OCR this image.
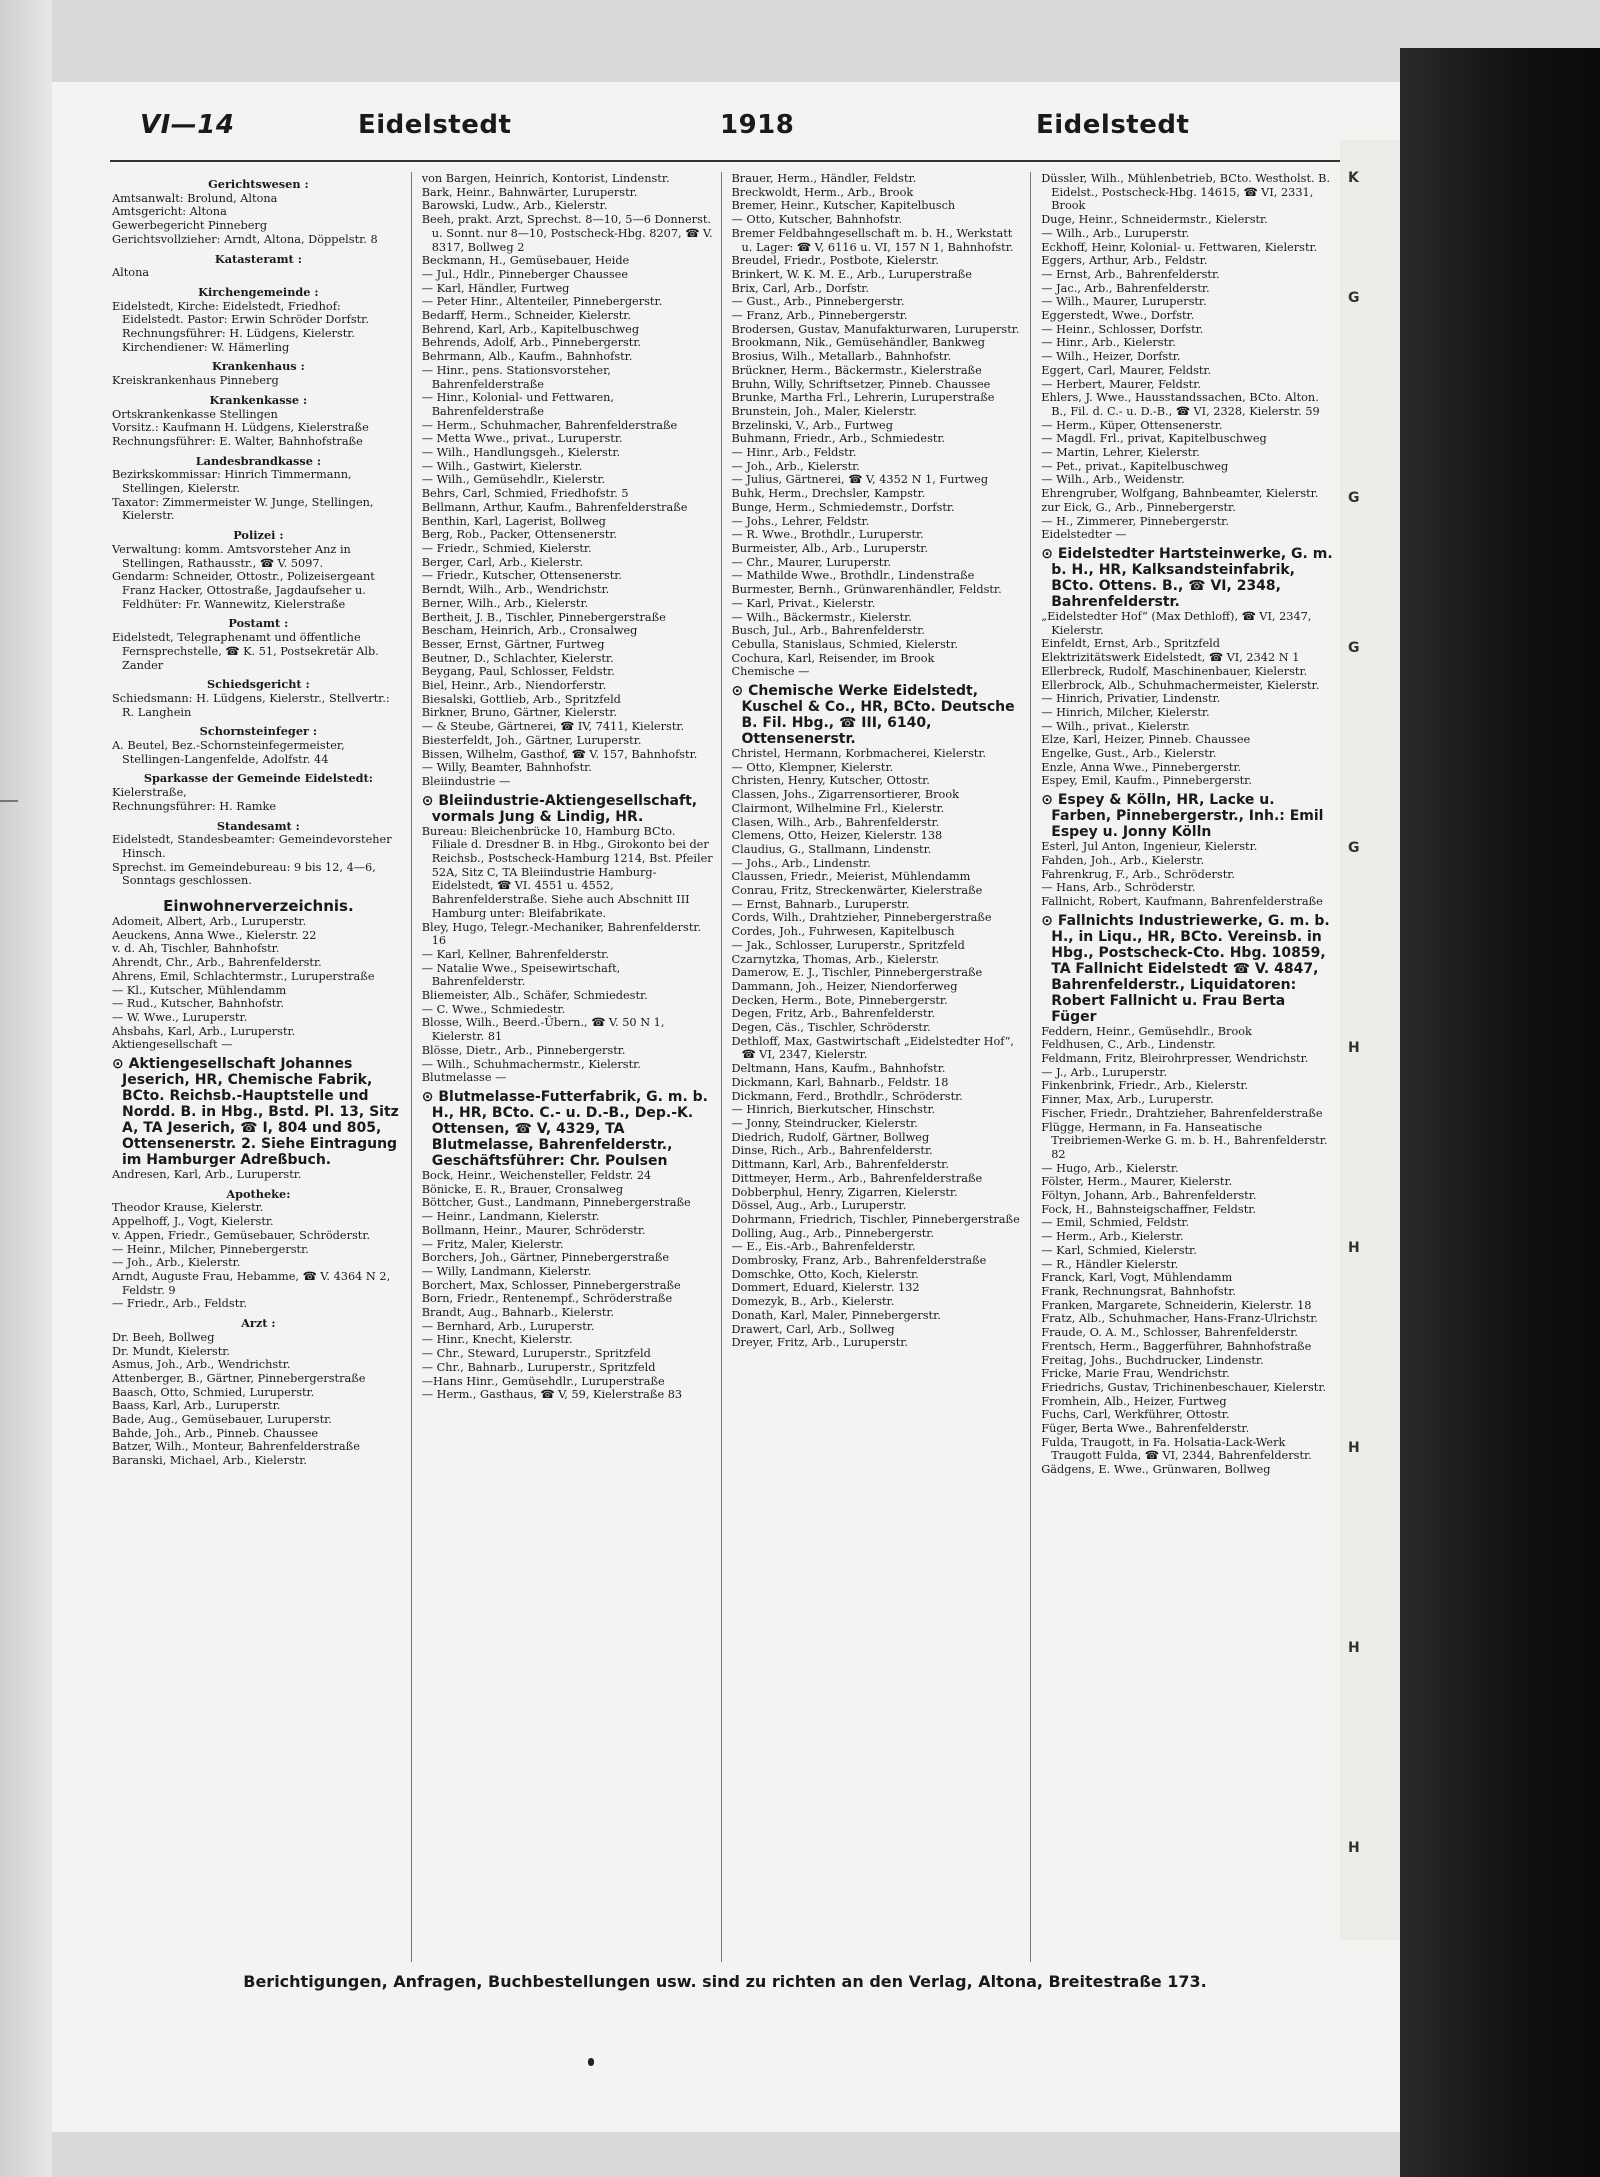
K
G
G
G
G
H
H
H
H
H
VI—14	Eidelstedt	1918	Eidelstedt

Gerichtswesen :

Amtsanwalt: Brolund, Altona

Amtsgericht: Altona

Gewerbegericht Pinneberg

Gerichtsvollzieher: Arndt, Altona, Döppelstr. 8

Katasteramt :

Altona

Kirchengemeinde :

Eidelstedt, Kirche: Eidelstedt, Friedhof: Eidelstedt. Pastor: Erwin Schröder Dorfstr. Rechnungsführer: H. Lüdgens, Kielerstr. Kirchendiener: W. Hämerling

Krankenhaus :

Kreiskrankenhaus Pinneberg

Krankenkasse :

Ortskrankenkasse Stellingen

Vorsitz.: Kaufmann H. Lüdgens, Kielerstraße

Rechnungsführer: E. Walter, Bahnhofstraße

Landesbrandkasse :

Bezirkskommissar: Hinrich Timmermann, Stellingen, Kielerstr.

Taxator: Zimmermeister W. Junge, Stellingen, Kielerstr.

Polizei :

Verwaltung: komm. Amtsvorsteher Anz in Stellingen, Rathausstr., ☎ V. 5097.

Gendarm: Schneider, Ottostr., Polizeisergeant Franz Hacker, Ottostraße, Jagdaufseher u. Feldhüter: Fr. Wannewitz, Kielerstraße

Postamt :

Eidelstedt, Telegraphenamt und öffentliche Fernsprechstelle, ☎ K. 51, Postsekretär Alb. Zander

Schiedsgericht :

Schiedsmann: H. Lüdgens, Kielerstr., Stellvertr.: R. Langhein

Schornsteinfeger :

A. Beutel, Bez.-Schornsteinfegermeister, Stellingen-Langenfelde, Adolfstr. 44

Sparkasse der Gemeinde Eidelstedt:

Kielerstraße,

Rechnungsführer: H. Ramke

Standesamt :

Eidelstedt, Standesbeamter: Gemeindevorsteher Hinsch.

Sprechst. im Gemeindebureau: 9 bis 12, 4—6, Sonntags geschlossen.

Einwohnerverzeichnis.

Adomeit, Albert, Arb., Luruperstr.

Aeuckens, Anna Wwe., Kielerstr. 22

v. d. Ah, Tischler, Bahnhofstr.

Ahrendt, Chr., Arb., Bahrenfelderstr.

Ahrens, Emil, Schlachtermstr., Luruperstraße

— Kl., Kutscher, Mühlendamm

— Rud., Kutscher, Bahnhofstr.

— W. Wwe., Luruperstr.

Ahsbahs, Karl, Arb., Luruperstr.

Aktiengesellschaft —

⊙ Aktiengesellschaft Johannes Jeserich, HR, Chemische Fabrik, BCto. Reichsb.-Hauptstelle und Nordd. B. in Hbg., Bstd. Pl. 13, Sitz A, TA Jeserich, ☎ I, 804 und 805, Ottensenerstr. 2. Siehe Eintragung im Hamburger Adreßbuch.

Andresen, Karl, Arb., Luruperstr.

Apotheke:

Theodor Krause, Kielerstr.

Appelhoff, J., Vogt, Kielerstr.

v. Appen, Friedr., Gemüsebauer, Schröderstr.

— Heinr., Milcher, Pinnebergerstr.

— Joh., Arb., Kielerstr.

Arndt, Auguste Frau, Hebamme, ☎ V. 4364 N 2, Feldstr. 9

— Friedr., Arb., Feldstr.

Arzt :

Dr. Beeh, Bollweg

Dr. Mundt, Kielerstr.

Asmus, Joh., Arb., Wendrichstr.

Attenberger, B., Gärtner, Pinnebergerstraße

Baasch, Otto, Schmied, Luruperstr.

Baass, Karl, Arb., Luruperstr.

Bade, Aug., Gemüsebauer, Luruperstr.

Bahde, Joh., Arb., Pinneb. Chaussee

Batzer, Wilh., Monteur, Bahrenfelderstraße

Baranski, Michael, Arb., Kielerstr.

von Bargen, Heinrich, Kontorist, Lindenstr.

Bark, Heinr., Bahnwärter, Luruperstr.

Barowski, Ludw., Arb., Kielerstr.

Beeh, prakt. Arzt, Sprechst. 8—10, 5—6 Donnerst. u. Sonnt. nur 8—10, Postscheck-Hbg. 8207, ☎ V. 8317, Bollweg 2

Beckmann, H., Gemüsebauer, Heide

— Jul., Hdlr., Pinneberger Chaussee

— Karl, Händler, Furtweg

— Peter Hinr., Altenteiler, Pinnebergerstr.

Bedarff, Herm., Schneider, Kielerstr.

Behrend, Karl, Arb., Kapitelbuschweg

Behrends, Adolf, Arb., Pinnebergerstr.

Behrmann, Alb., Kaufm., Bahnhofstr.

— Hinr., pens. Stationsvorsteher, Bahrenfelderstraße

— Hinr., Kolonial- und Fettwaren, Bahrenfelderstraße

— Herm., Schuhmacher, Bahrenfelderstraße

— Metta Wwe., privat., Luruperstr.

— Wilh., Handlungsgeh., Kielerstr.

— Wilh., Gastwirt, Kielerstr.

— Wilh., Gemüsehdlr., Kielerstr.

Behrs, Carl, Schmied, Friedhofstr. 5

Bellmann, Arthur, Kaufm., Bahrenfelderstraße

Benthin, Karl, Lagerist, Bollweg

Berg, Rob., Packer, Ottensenerstr.

— Friedr., Schmied, Kielerstr.

Berger, Carl, Arb., Kielerstr.

— Friedr., Kutscher, Ottensenerstr.

Berndt, Wilh., Arb., Wendrichstr.

Berner, Wilh., Arb., Kielerstr.

Bertheit, J. B., Tischler, Pinnebergerstraße

Bescham, Heinrich, Arb., Cronsalweg

Besser, Ernst, Gärtner, Furtweg

Beutner, D., Schlachter, Kielerstr.

Beygang, Paul, Schlosser, Feldstr.

Biel, Heinr., Arb., Niendorferstr.

Biesalski, Gottlieb, Arb., Spritzfeld

Birkner, Bruno, Gärtner, Kielerstr.

— & Steube, Gärtnerei, ☎ IV, 7411, Kielerstr.

Biesterfeldt, Joh., Gärtner, Luruperstr.

Bissen, Wilhelm, Gasthof, ☎ V. 157, Bahnhofstr.

— Willy, Beamter, Bahnhofstr.

Bleiindustrie —

⊙ Bleiindustrie-Aktiengesellschaft, vormals Jung & Lindig, HR.

Bureau: Bleichenbrücke 10, Hamburg BCto. Filiale d. Dresdner B. in Hbg., Girokonto bei der Reichsb., Postscheck-Hamburg 1214, Bst. Pfeiler 52A, Sitz C, TA Bleiindustrie Hamburg-Eidelstedt, ☎ VI. 4551 u. 4552, Bahrenfelderstraße. Siehe auch Abschnitt III Hamburg unter: Bleifabrikate.

Bley, Hugo, Telegr.-Mechaniker, Bahrenfelderstr. 16

— Karl, Kellner, Bahrenfelderstr.

— Natalie Wwe., Speisewirtschaft, Bahrenfelderstr.

Bliemeister, Alb., Schäfer, Schmiedestr.

— C. Wwe., Schmiedestr.

Blosse, Wilh., Beerd.-Übern., ☎ V. 50 N 1, Kielerstr. 81

Blösse, Dietr., Arb., Pinnebergerstr.

— Wilh., Schuhmachermstr., Kielerstr.

Blutmelasse —

⊙ Blutmelasse-Futterfabrik, G. m. b. H., HR, BCto. C.- u. D.-B., Dep.-K. Ottensen, ☎ V, 4329, TA Blutmelasse, Bahrenfelderstr., Geschäftsführer: Chr. Poulsen

Bock, Heinr., Weichensteller, Feldstr. 24

Bönicke, E. R., Brauer, Cronsalweg

Böttcher, Gust., Landmann, Pinnebergerstraße

— Heinr., Landmann, Kielerstr.

Bollmann, Heinr., Maurer, Schröderstr.

— Fritz, Maler, Kielerstr.

Borchers, Joh., Gärtner, Pinnebergerstraße

— Willy, Landmann, Kielerstr.

Borchert, Max, Schlosser, Pinnebergerstraße

Born, Friedr., Rentenempf., Schröderstraße

Brandt, Aug., Bahnarb., Kielerstr.

— Bernhard, Arb., Luruperstr.

— Hinr., Knecht, Kielerstr.

— Chr., Steward, Luruperstr., Spritzfeld

— Chr., Bahnarb., Luruperstr., Spritzfeld

—Hans Hinr., Gemüsehdlr., Luruperstraße

— Herm., Gasthaus, ☎ V, 59, Kielerstraße 83

Brauer, Herm., Händler, Feldstr.

Breckwoldt, Herm., Arb., Brook

Bremer, Heinr., Kutscher, Kapitelbusch

— Otto, Kutscher, Bahnhofstr.

Bremer Feldbahngesellschaft m. b. H., Werkstatt u. Lager: ☎ V, 6116 u. VI, 157 N 1, Bahnhofstr.

Breudel, Friedr., Postbote, Kielerstr.

Brinkert, W. K. M. E., Arb., Luruperstraße

Brix, Carl, Arb., Dorfstr.

— Gust., Arb., Pinnebergerstr.

— Franz, Arb., Pinnebergerstr.

Brodersen, Gustav, Manufakturwaren, Luruperstr.

Brookmann, Nik., Gemüsehändler, Bankweg

Brosius, Wilh., Metallarb., Bahnhofstr.

Brückner, Herm., Bäckermstr., Kielerstraße

Bruhn, Willy, Schriftsetzer, Pinneb. Chaussee

Brunke, Martha Frl., Lehrerin, Luruperstraße

Brunstein, Joh., Maler, Kielerstr.

Brzelinski, V., Arb., Furtweg

Buhmann, Friedr., Arb., Schmiedestr.

— Hinr., Arb., Feldstr.

— Joh., Arb., Kielerstr.

— Julius, Gärtnerei, ☎ V, 4352 N 1, Furtweg

Buhk, Herm., Drechsler, Kampstr.

Bunge, Herm., Schmiedemstr., Dorfstr.

— Johs., Lehrer, Feldstr.

— R. Wwe., Brothdlr., Luruperstr.

Burmeister, Alb., Arb., Luruperstr.

— Chr., Maurer, Luruperstr.

— Mathilde Wwe., Brothdlr., Lindenstraße

Burmester, Bernh., Grünwarenhändler, Feldstr.

— Karl, Privat., Kielerstr.

— Wilh., Bäckermstr., Kielerstr.

Busch, Jul., Arb., Bahrenfelderstr.

Cebulla, Stanislaus, Schmied, Kielerstr.

Cochura, Karl, Reisender, im Brook

Chemische —

⊙ Chemische Werke Eidelstedt, Kuschel & Co., HR, BCto. Deutsche B. Fil. Hbg., ☎ III, 6140, Ottensenerstr.

Christel, Hermann, Korbmacherei, Kielerstr.

— Otto, Klempner, Kielerstr.

Christen, Henry, Kutscher, Ottostr.

Classen, Johs., Zigarrensortierer, Brook

Clairmont, Wilhelmine Frl., Kielerstr.

Clasen, Wilh., Arb., Bahrenfelderstr.

Clemens, Otto, Heizer, Kielerstr. 138

Claudius, G., Stallmann, Lindenstr.

— Johs., Arb., Lindenstr.

Claussen, Friedr., Meierist, Mühlendamm

Conrau, Fritz, Streckenwärter, Kielerstraße

— Ernst, Bahnarb., Luruperstr.

Cords, Wilh., Drahtzieher, Pinnebergerstraße

Cordes, Joh., Fuhrwesen, Kapitelbusch

— Jak., Schlosser, Luruperstr., Spritzfeld

Czarnytzka, Thomas, Arb., Kielerstr.

Damerow, E. J., Tischler, Pinnebergerstraße

Dammann, Joh., Heizer, Niendorferweg

Decken, Herm., Bote, Pinnebergerstr.

Degen, Fritz, Arb., Bahrenfelderstr.

Degen, Cäs., Tischler, Schröderstr.

Dethloff, Max, Gastwirtschaft „Eidelstedter Hof“, ☎ VI, 2347, Kielerstr.

Deltmann, Hans, Kaufm., Bahnhofstr.

Dickmann, Karl, Bahnarb., Feldstr. 18

Dickmann, Ferd., Brothdlr., Schröderstr.

— Hinrich, Bierkutscher, Hinschstr.

— Jonny, Steindrucker, Kielerstr.

Diedrich, Rudolf, Gärtner, Bollweg

Dinse, Rich., Arb., Bahrenfelderstr.

Dittmann, Karl, Arb., Bahrenfelderstr.

Dittmeyer, Herm., Arb., Bahrenfelderstraße

Dobberphul, Henry, Zigarren, Kielerstr.

Dössel, Aug., Arb., Luruperstr.

Dohrmann, Friedrich, Tischler, Pinnebergerstraße

Dolling, Aug., Arb., Pinnebergerstr.

— E., Eis.-Arb., Bahrenfelderstr.

Dombrosky, Franz, Arb., Bahrenfelderstraße

Domschke, Otto, Koch, Kielerstr.

Dommert, Eduard, Kielerstr. 132

Domezyk, B., Arb., Kielerstr.

Donath, Karl, Maler, Pinnebergerstr.

Drawert, Carl, Arb., Sollweg

Dreyer, Fritz, Arb., Luruperstr.

Düssler, Wilh., Mühlenbetrieb, BCto. Westholst. B. Eidelst., Postscheck-Hbg. 14615, ☎ VI, 2331, Brook

Duge, Heinr., Schneidermstr., Kielerstr.

— Wilh., Arb., Luruperstr.

Eckhoff, Heinr, Kolonial- u. Fettwaren, Kielerstr.

Eggers, Arthur, Arb., Feldstr.

— Ernst, Arb., Bahrenfelderstr.

— Jac., Arb., Bahrenfelderstr.

— Wilh., Maurer, Luruperstr.

Eggerstedt, Wwe., Dorfstr.

— Heinr., Schlosser, Dorfstr.

— Hinr., Arb., Kielerstr.

— Wilh., Heizer, Dorfstr.

Eggert, Carl, Maurer, Feldstr.

— Herbert, Maurer, Feldstr.

Ehlers, J. Wwe., Hausstandssachen, BCto. Alton. B., Fil. d. C.- u. D.-B., ☎ VI, 2328, Kielerstr. 59

— Herm., Küper, Ottensenerstr.

— Magdl. Frl., privat, Kapitelbuschweg

— Martin, Lehrer, Kielerstr.

— Pet., privat., Kapitelbuschweg

— Wilh., Arb., Weidenstr.

Ehrengruber, Wolfgang, Bahnbeamter, Kielerstr.

zur Eick, G., Arb., Pinnebergerstr.

— H., Zimmerer, Pinnebergerstr.

Eidelstedter —

⊙ Eidelstedter Hartsteinwerke, G. m. b. H., HR, Kalksandsteinfabrik, BCto. Ottens. B., ☎ VI, 2348, Bahrenfelderstr.

„Eidelstedter Hof“ (Max Dethloff), ☎ VI, 2347, Kielerstr.

Einfeldt, Ernst, Arb., Spritzfeld

Elektrizitätswerk Eidelstedt, ☎ VI, 2342 N 1

Ellerbreck, Rudolf, Maschinenbauer, Kielerstr.

Ellerbrock, Alb., Schuhmachermeister, Kielerstr.

— Hinrich, Privatier, Lindenstr.

— Hinrich, Milcher, Kielerstr.

— Wilh., privat., Kielerstr.

Elze, Karl, Heizer, Pinneb. Chaussee

Engelke, Gust., Arb., Kielerstr.

Enzle, Anna Wwe., Pinnebergerstr.

Espey, Emil, Kaufm., Pinnebergerstr.

⊙ Espey & Kölln, HR, Lacke u. Farben, Pinnebergerstr., Inh.: Emil Espey u. Jonny Kölln

Esterl, Jul Anton, Ingenieur, Kielerstr.

Fahden, Joh., Arb., Kielerstr.

Fahrenkrug, F., Arb., Schröderstr.

— Hans, Arb., Schröderstr.

Fallnicht, Robert, Kaufmann, Bahrenfelderstraße

⊙ Fallnichts Industriewerke, G. m. b. H., in Liqu., HR, BCto. Vereinsb. in Hbg., Postscheck-Cto. Hbg. 10859, TA Fallnicht Eidelstedt ☎ V. 4847, Bahrenfelderstr., Liquidatoren: Robert Fallnicht u. Frau Berta Füger

Feddern, Heinr., Gemüsehdlr., Brook

Feldhusen, C., Arb., Lindenstr.

Feldmann, Fritz, Bleirohrpresser, Wendrichstr.

— J., Arb., Luruperstr.

Finkenbrink, Friedr., Arb., Kielerstr.

Finner, Max, Arb., Luruperstr.

Fischer, Friedr., Drahtzieher, Bahrenfelderstraße

Flügge, Hermann, in Fa. Hanseatische Treibriemen-Werke G. m. b. H., Bahrenfelderstr. 82

— Hugo, Arb., Kielerstr.

Fölster, Herm., Maurer, Kielerstr.

Föltyn, Johann, Arb., Bahrenfelderstr.

Fock, H., Bahnsteigschaffner, Feldstr.

— Emil, Schmied, Feldstr.

— Herm., Arb., Kielerstr.

— Karl, Schmied, Kielerstr.

— R., Händler Kielerstr.

Franck, Karl, Vogt, Mühlendamm

Frank, Rechnungsrat, Bahnhofstr.

Franken, Margarete, Schneiderin, Kielerstr. 18

Fratz, Alb., Schuhmacher, Hans-Franz-Ulrichstr.

Fraude, O. A. M., Schlosser, Bahrenfelderstr.

Frentsch, Herm., Baggerführer, Bahnhofstraße

Freitag, Johs., Buchdrucker, Lindenstr.

Fricke, Marie Frau, Wendrichstr.

Friedrichs, Gustav, Trichinenbeschauer, Kielerstr.

Fromhein, Alb., Heizer, Furtweg

Fuchs, Carl, Werkführer, Ottostr.

Füger, Berta Wwe., Bahrenfelderstr.

Fulda, Traugott, in Fa. Holsatia-Lack-Werk Traugott Fulda, ☎ VI, 2344, Bahrenfelderstr.

Gädgens, E. Wwe., Grünwaren, Bollweg

Berichtigungen, Anfragen, Buchbestellungen usw. sind zu richten an den Verlag, Altona, Breitestraße 173.
